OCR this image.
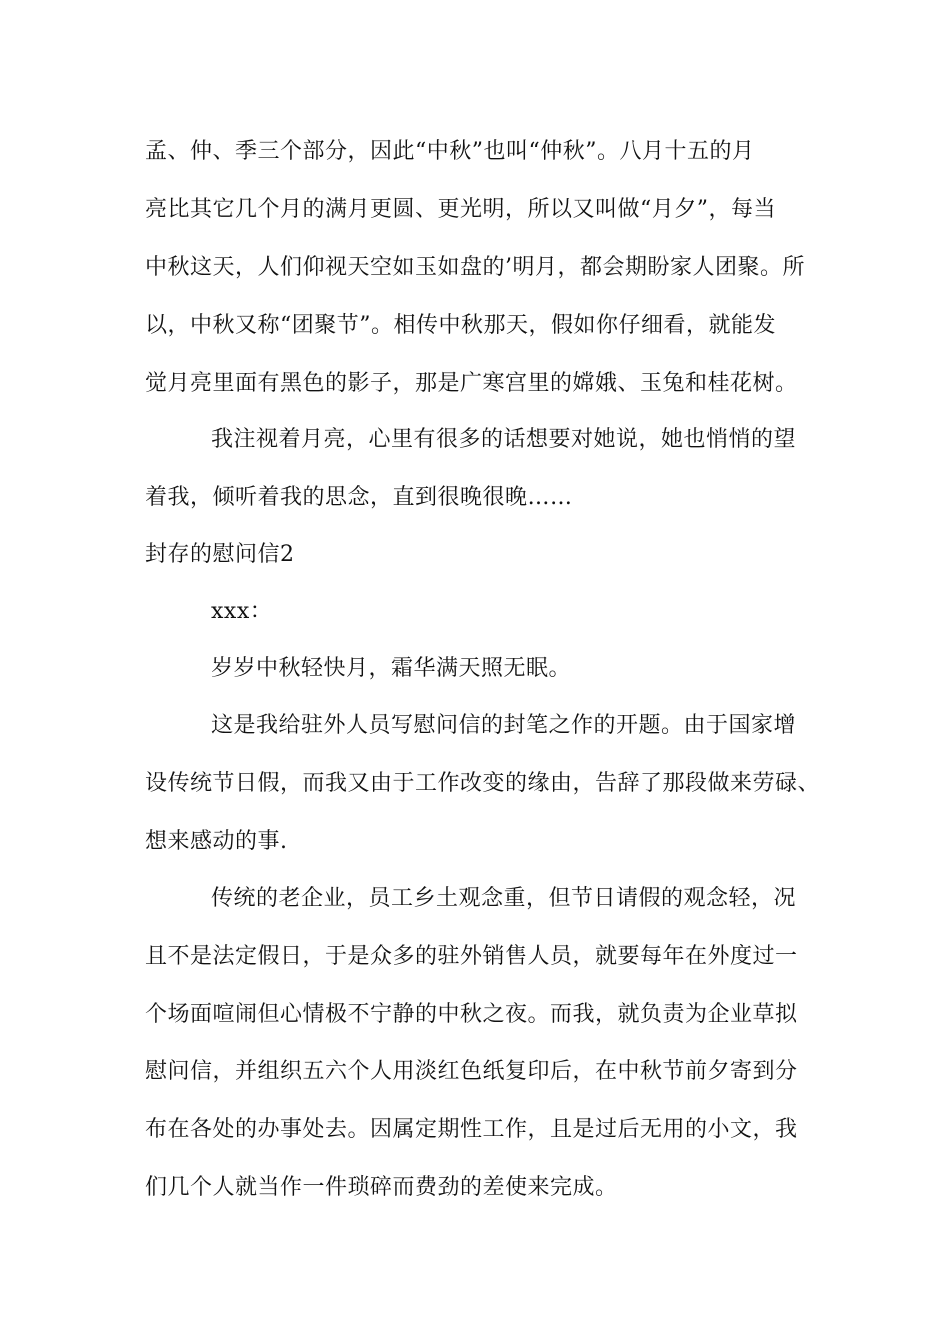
孟、仲、季三个部分，因此“中秋”也叫“仲秋”。八月十五的月
亮比其它几个月的满月更圆、更光明，所以又叫做“月夕”，每当
中秋这天，人们仰视天空如玉如盘的’明月，都会期盼家人团聚。所
以，中秋又称“团聚节”。相传中秋那天，假如你仔细看，就能发
觉月亮里面有黑色的影子，那是广寒宫里的嫦娥、玉兔和桂花树。
我注视着月亮，心里有很多的话想要对她说，她也悄悄的望
着我，倾听着我的思念，直到很晚很晚……
封存的慰问信2
xxx：
岁岁中秋轻快月，霜华满天照无眠。
这是我给驻外人员写慰问信的封笔之作的开题。由于国家增
设传统节日假，而我又由于工作改变的缘由，告辞了那段做来劳碌、
想来感动的事.
传统的老企业，员工乡土观念重，但节日请假的观念轻，况
且不是法定假日，于是众多的驻外销售人员，就要每年在外度过一
个场面喧闹但心情极不宁静的中秋之夜。而我，就负责为企业草拟
慰问信，并组织五六个人用淡红色纸复印后，在中秋节前夕寄到分
布在各处的办事处去。因属定期性工作，且是过后无用的小文，我
们几个人就当作一件琐碎而费劲的差使来完成。
